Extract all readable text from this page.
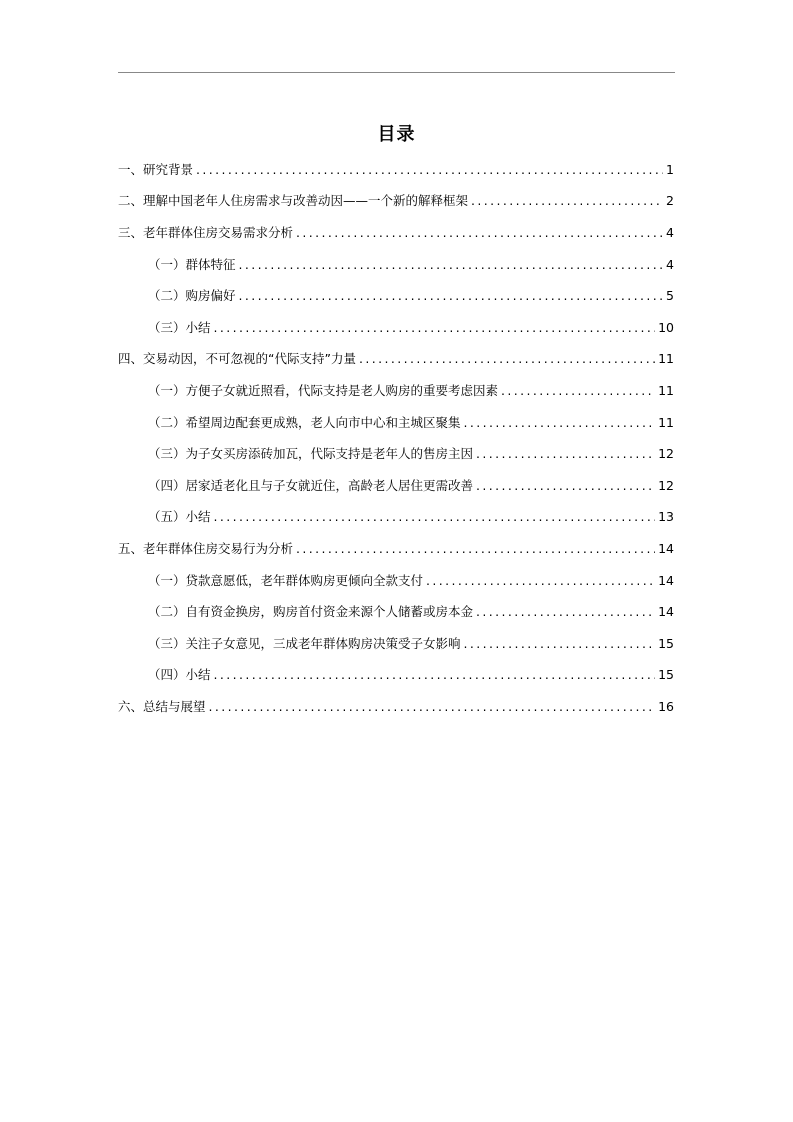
目录
一、研究背景 .....	1
二、理解中国老年人住房需求与改善动因——一个新的解释框架 .....	2
三、老年群体住房交易需求分析 .....	4
（一）群体特征 .....	4
（二）购房偏好 .....	5
（三）小结 .....	10
四、交易动因，不可忽视的“代际支持”力量 .....	11
（一）方便子女就近照看，代际支持是老人购房的重要考虑因素 .....	11
（二）希望周边配套更成熟，老人向市中心和主城区聚集 .....	11
（三）为子女买房添砖加瓦，代际支持是老年人的售房主因 .....	12
（四）居家适老化且与子女就近住，高龄老人居住更需改善 .....	12
（五）小结 .....	13
五、老年群体住房交易行为分析 .....	14
（一）贷款意愿低，老年群体购房更倾向全款支付 .....	14
（二）自有资金换房，购房首付资金来源个人储蓄或房本金 .....	14
（三）关注子女意见，三成老年群体购房决策受子女影响 .....	15
（四）小结 .....	15
六、总结与展望 .....	16
